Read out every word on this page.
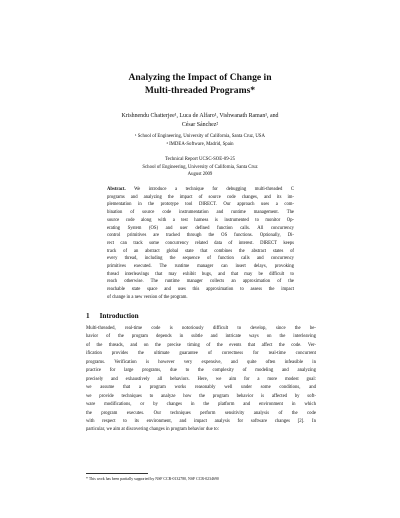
Analyzing the Impact of Change in
Multi-threaded Programs*
Krishnendu Chatterjee¹, Luca de Alfaro¹, Vishwanath Raman¹, and
César Sánchez²
¹ School of Engineering, University of California, Santa Cruz, USA
² IMDEA-Software, Madrid, Spain
Technical Report UCSC-SOE-09-25
School of Engineering, University of California, Santa Cruz
August 2009
Abstract. We introduce a technique for debugging multi-threaded C
programs and analyzing the impact of source code changes, and its im-
plementation in the prototype tool DIRECT. Our approach uses a com-
bination of source code instrumentation and runtime management. The
source code along with a test harness is instrumented to monitor Op-
erating System (OS) and user defined function calls. All concurrency
control primitives are tracked through the OS functions. Optionally, Di-
rect can track some concurrency related data of interest. DIRECT keeps
track of an abstract global state that combines the abstract states of
every thread, including the sequence of function calls and concurrency
primitives executed. The runtime manager can insert delays, provoking
thread interleavings that may exhibit bugs, and that may be difficult to
reach otherwise. The runtime manager collects an approximation of the
reachable state space and uses this approximation to assess the impact
of change in a new version of the program.
1 Introduction
Multi-threaded, real-time code is notoriously difficult to develop, since the be-
havior of the program depends in subtle and intricate ways on the interleaving
of the threads, and on the precise timing of the events that affect the code. Ver-
ification provides the ultimate guarantee of correctness for real-time concurrent
programs. Verification is however very expensive, and quite often infeasible in
practice for large programs, due to the complexity of modeling and analyzing
precisely and exhaustively all behaviors. Here, we aim for a more modest goal:
we assume that a program works reasonably well under some conditions, and
we provide techniques to analyze how the program behavior is affected by soft-
ware modifications, or by changes in the platform and environment in which
the program executes. Our techniques perform sensitivity analysis of the code
with respect to its environment, and impact analysis for software changes [2]. In
particular, we aim at discovering changes in program behavior due to:
* This work has been partially supported by NSF CCR-0132780, NSF CCR-0234690
